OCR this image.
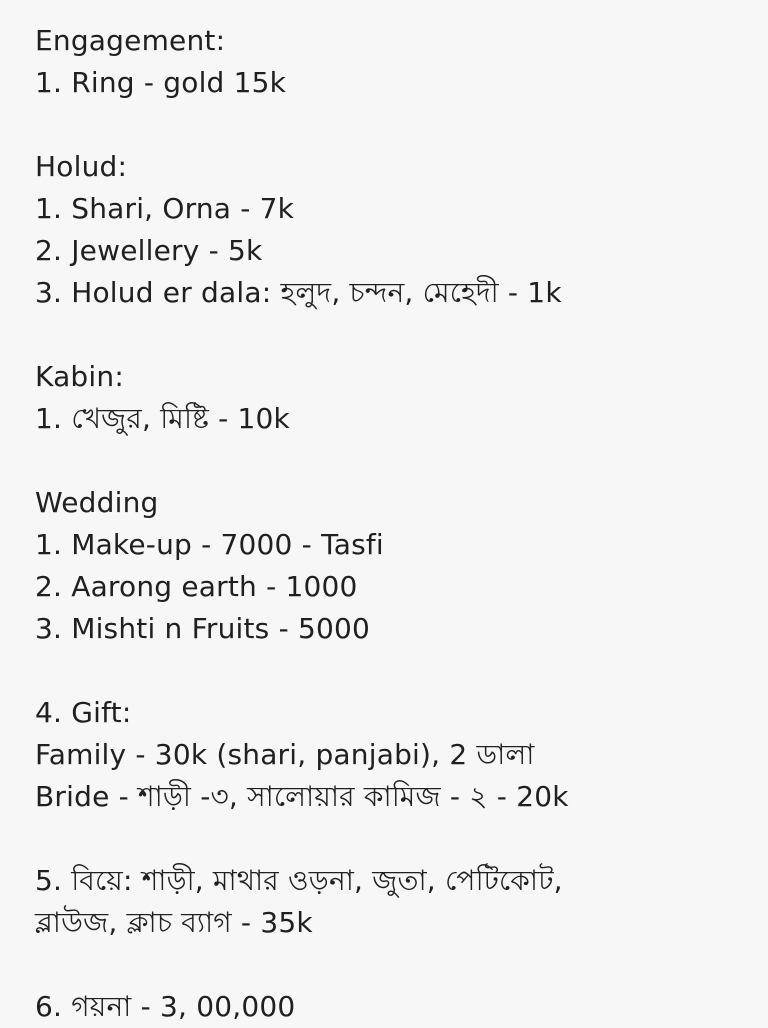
Engagement:
1. Ring - gold 15k
Holud:
1. Shari, Orna - 7k
2. Jewellery - 5k
3. Holud er dala: হলুদ, চন্দন, মেহেদী - 1k
Kabin:
1. খেজুর, মিষ্টি - 10k
Wedding
1. Make-up - 7000 - Tasfi
2. Aarong earth - 1000
3. Mishti n Fruits - 5000
4. Gift:
Family - 30k (shari, panjabi), 2 ডালা
Bride - শাড়ী -৩, সালোয়ার কামিজ - ২ - 20k
5. বিয়ে: শাড়ী, মাথার ওড়না, জুতা, পেটিকোট,
ব্লাউজ, ক্লাচ ব্যাগ - 35k
6. গয়না - 3, 00,000
